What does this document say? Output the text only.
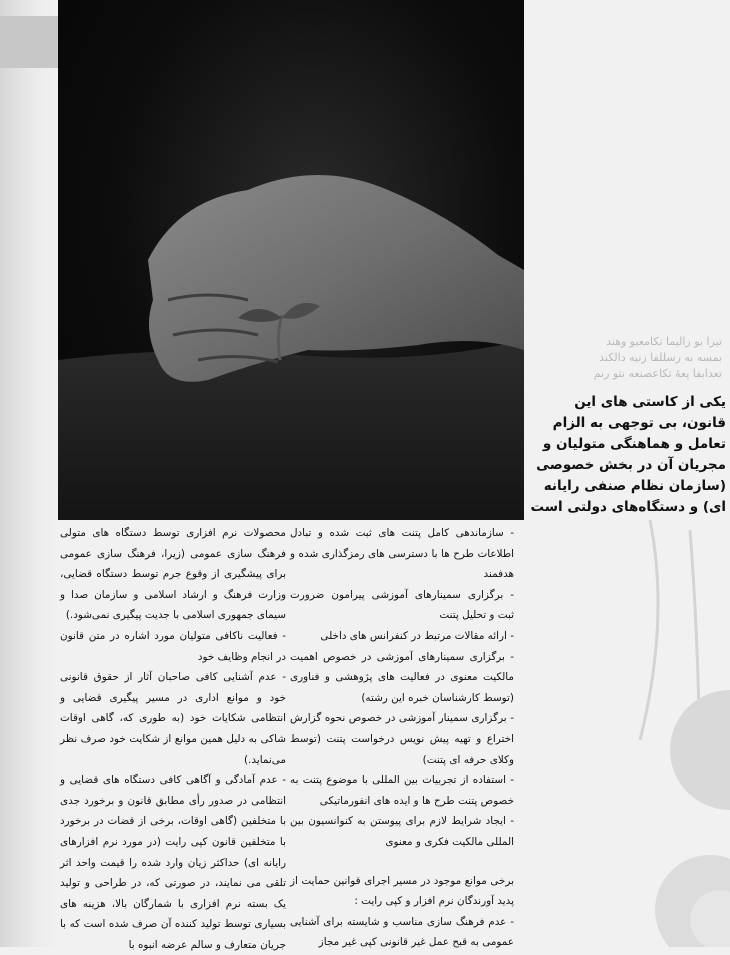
تیزا بو زالیما تکامعیو وهند
بمسه به رسللفا زنیه دالکند
تعدابفا پعهٔ تکاعصنعه نتو رنم
یکی از کاستی های این قانون، بی توجهی به الزام تعامل و هماهنگی متولیان و مجریان آن در بخش خصوصی (سازمان نظام صنفی رایانه ای) و دستگاه‌های دولتی است

- سازماندهی کامل پتنت های ثبت شده و تبادل اطلاعات طرح ها با دسترسی های رمزگذاری شده و هدفمند

- برگزاری سمینارهای آموزشی پیرامون ضرورت ثبت و تحلیل پتنت

- ارائه مقالات مرتبط در کنفرانس های داخلی

- برگزاری سمینارهای آموزشی در خصوص اهمیت مالکیت معنوی در فعالیت های پژوهشی و فناوری (توسط کارشناسان خبره این رشته)

- برگزاری سمینار آموزشی در خصوص نحوه گزارش اختراع و تهیه پیش نویس درخواست پتنت (توسط وکلای حرفه ای پتنت)

- استفاده از تجربیات بین المللی با موضوع پتنت به خصوص پتنت طرح ها و ایده های انفورماتیکی

- ایجاد شرایط لازم برای پیوستن به کنوانسیون بین المللی مالکیت فکری و معنوی

برخی موانع موجود در مسیر اجرای قوانین حمایت از پدید آورندگان نرم افزار و کپی رایت :

- عدم فرهنگ سازی مناسب و شایسته برای آشنایی عمومی به قبح عمل غیر قانونی کپی غیر مجاز

محصولات نرم افزاری توسط دستگاه های متولی فرهنگ سازی عمومی (زیرا، فرهنگ سازی عمومی برای پیشگیری از وقوع جرم توسط دستگاه قضایی، وزارت فرهنگ و ارشاد اسلامی و سازمان صدا و سیمای جمهوری اسلامی با جدیت پیگیری نمی‌شود.)

- فعالیت ناکافی متولیان مورد اشاره در متن قانون در انجام وظایف خود

- عدم آشنایی کافی صاحبان آثار از حقوق قانونی خود و موانع اداری در مسیر پیگیری قضایی و انتظامی شکایات خود (به طوری که، گاهی اوقات شاکی به دلیل همین موانع از شکایت خود صرف نظر می‌نماید.)

- عدم آمادگی و آگاهی کافی دستگاه های قضایی و انتظامی در صدور رأی مطابق قانون و برخورد جدی با متخلفین (گاهی اوقات، برخی از قضات در برخورد با متخلفین قانون کپی رایت (در مورد نرم افزارهای رایانه ای) حداکثر زیان وارد شده را قیمت واحد اثر تلقی می نمایند، در صورتی که، در طراحی و تولید یک بسته نرم افزاری با شمارگان بالا، هزینه های بسیاری توسط تولید کننده آن صرف شده است که با جریان متعارف و سالم عرضه انبوه با
